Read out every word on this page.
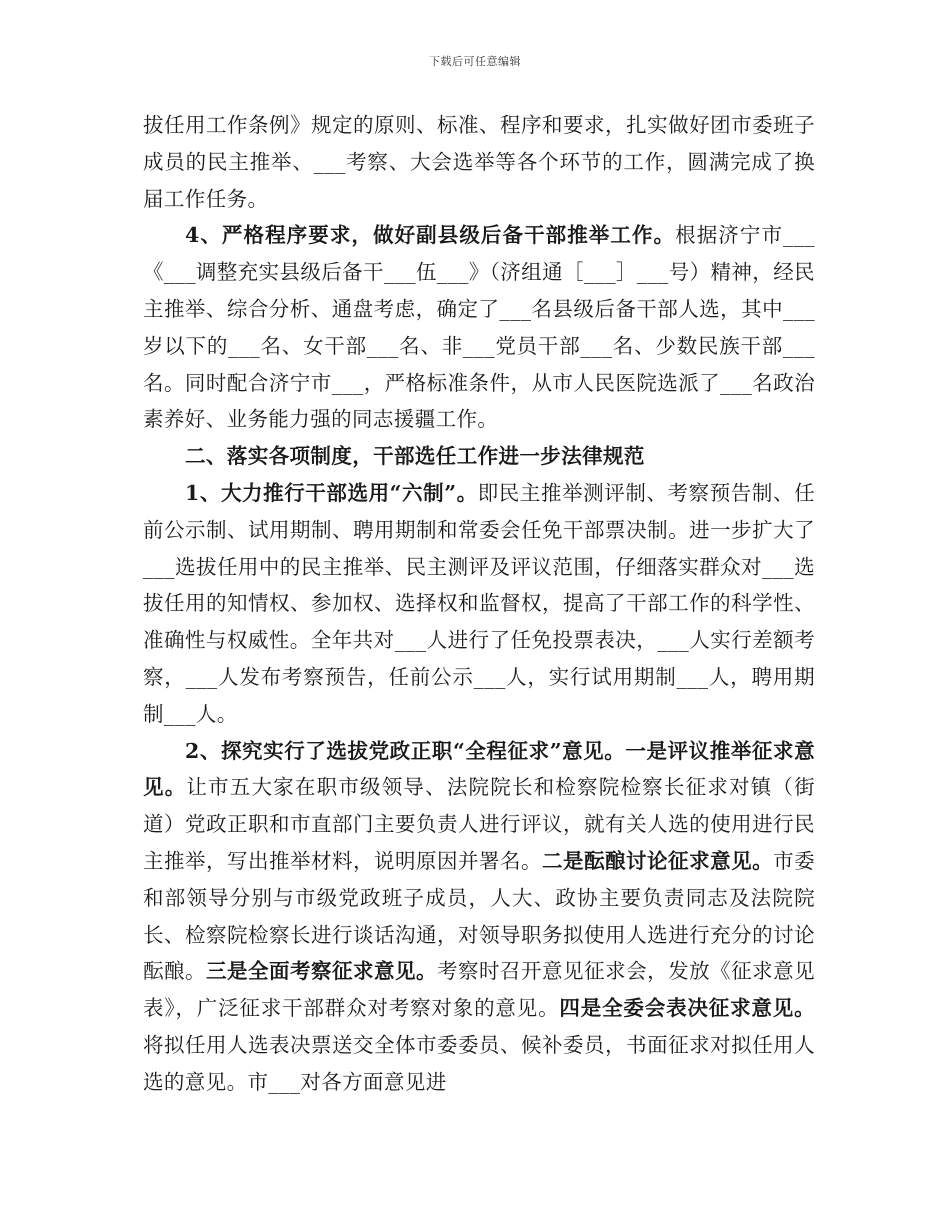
下载后可任意编辑

拔任用工作条例》规定的原则、标准、程序和要求，扎实做好团市委班子成员的民主推举、___考察、大会选举等各个环节的工作，圆满完成了换届工作任务。

4、严格程序要求，做好副县级后备干部推举工作。根据济宁市___《___调整充实县级后备干___伍___》（济组通［___］___号）精神，经民主推举、综合分析、通盘考虑，确定了___名县级后备干部人选，其中___岁以下的___名、女干部___名、非___党员干部___名、少数民族干部___名。同时配合济宁市___，严格标准条件，从市人民医院选派了___名政治素养好、业务能力强的同志援疆工作。

二、落实各项制度，干部选任工作进一步法律规范

1、大力推行干部选用“六制”。即民主推举测评制、考察预告制、任前公示制、试用期制、聘用期制和常委会任免干部票决制。进一步扩大了___选拔任用中的民主推举、民主测评及评议范围，仔细落实群众对___选拔任用的知情权、参加权、选择权和监督权，提高了干部工作的科学性、准确性与权威性。全年共对___人进行了任免投票表决，___人实行差额考察，___人发布考察预告，任前公示___人，实行试用期制___人，聘用期制___人。

2、探究实行了选拔党政正职“全程征求”意见。一是评议推举征求意见。让市五大家在职市级领导、法院院长和检察院检察长征求对镇（街道）党政正职和市直部门主要负责人进行评议，就有关人选的使用进行民主推举，写出推举材料，说明原因并署名。二是酝酿讨论征求意见。市委和部领导分别与市级党政班子成员，人大、政协主要负责同志及法院院长、检察院检察长进行谈话沟通，对领导职务拟使用人选进行充分的讨论酝酿。三是全面考察征求意见。考察时召开意见征求会，发放《征求意见表》，广泛征求干部群众对考察对象的意见。四是全委会表决征求意见。将拟任用人选表决票送交全体市委委员、候补委员，书面征求对拟任用人选的意见。市___对各方面意见进
